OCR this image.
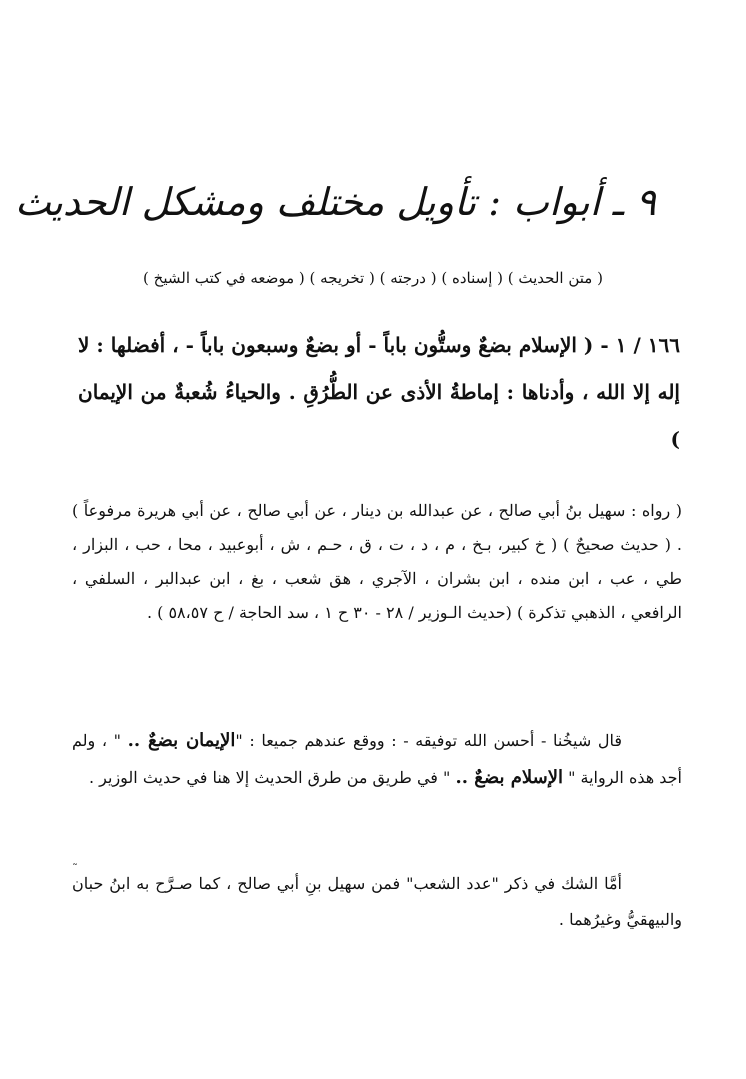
٩ ـ أبواب : تأويل مختلف ومشكل الحديث
( متن الحديث ) ( إسناده ) ( درجته ) ( تخريجه ) ( موضعه في كتب الشيخ )
١٦٦ / ١ - ( الإسلام بضعٌ وستُّون باباً - أو بضعٌ وسبعون باباً - ، أفضلها : لا إله إلا الله ، وأدناها : إماطةُ الأذى عن الطُّرُقِ . والحياءُ شُعبةٌ من الإيمان )
( رواه : سهيل بنُ أبي صالح ، عن عبدالله بن دينار ، عن أبي صالح ، عن أبي هريرة مرفوعاً ) . ( حديث صحيحٌ ) ( خ كبير، بـخ ، م ، د ، ت ، ق ، حـم ، ش ، أبوعبيد ، محا ، حب ، البزار ، طي ، عب ، ابن منده ، ابن بشران ، الآجري ، هق شعب ، بغ ، ابن عبدالبر ، السلفي ، الرافعي ، الذهبي تذكرة ) (حديث الـوزير / ٢٨ - ٣٠ ح ١ ، سد الحاجة / ح ٥٨،٥٧ ) .
قال شيخُنا - أحسن الله توفيقه - : ووقع عندهم جميعا : "الإيمان بضعٌ .. " ، ولم أجد هذه الرواية " الإسلام بضعٌ .. " في طريق من طرق الحديث إلا هنا في حديث الوزير .
أمَّا الشك في ذكر "عدد الشعب" فمن سهيل بنِ أبي صالح ، كما صـرَّح به ابنُ حبان والبيهقيُّ وغيرُهما .
˜
